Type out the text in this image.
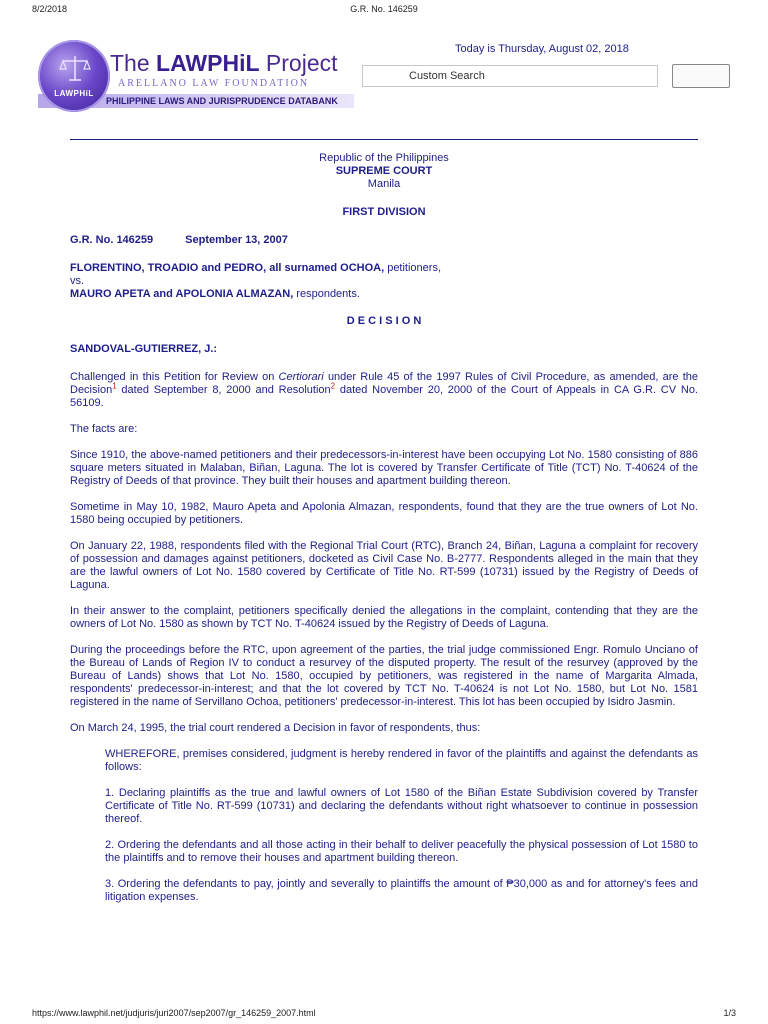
8/2/2018	G.R. No. 146259
LAWPHiL
The LAWPHiL Project
ARELLANO LAW FOUNDATION
PHILIPPINE LAWS AND JURISPRUDENCE DATABANK
Today is Thursday, August 02, 2018
Custom Search
Republic of the Philippines
SUPREME COURT
Manila
FIRST DIVISION
G.R. No. 146259	September 13, 2007
FLORENTINO, TROADIO and PEDRO, all surnamed OCHOA, petitioners,
vs.
MAURO APETA and APOLONIA ALMAZAN, respondents.
D E C I S I O N
SANDOVAL-GUTIERREZ, J.:

Challenged in this Petition for Review on Certiorari under Rule 45 of the 1997 Rules of Civil Procedure, as amended, are the Decision$^1$ dated September 8, 2000 and Resolution$^2$ dated November 20, 2000 of the Court of Appeals in CA G.R. CV No. 56109.

The facts are:

Since 1910, the above-named petitioners and their predecessors-in-interest have been occupying Lot No. 1580 consisting of 886 square meters situated in Malaban, Biñan, Laguna. The lot is covered by Transfer Certificate of Title (TCT) No. T-40624 of the Registry of Deeds of that province. They built their houses and apartment building thereon.

Sometime in May 10, 1982, Mauro Apeta and Apolonia Almazan, respondents, found that they are the true owners of Lot No. 1580 being occupied by petitioners.

On January 22, 1988, respondents filed with the Regional Trial Court (RTC), Branch 24, Biñan, Laguna a complaint for recovery of possession and damages against petitioners, docketed as Civil Case No. B-2777. Respondents alleged in the main that they are the lawful owners of Lot No. 1580 covered by Certificate of Title No. RT-599 (10731) issued by the Registry of Deeds of Laguna.

In their answer to the complaint, petitioners specifically denied the allegations in the complaint, contending that they are the owners of Lot No. 1580 as shown by TCT No. T-40624 issued by the Registry of Deeds of Laguna.

During the proceedings before the RTC, upon agreement of the parties, the trial judge commissioned Engr. Romulo Unciano of the Bureau of Lands of Region IV to conduct a resurvey of the disputed property. The result of the resurvey (approved by the Bureau of Lands) shows that Lot No. 1580, occupied by petitioners, was registered in the name of Margarita Almada, respondents' predecessor-in-interest; and that the lot covered by TCT No. T-40624 is not Lot No. 1580, but Lot No. 1581 registered in the name of Servillano Ochoa, petitioners' predecessor-in-interest. This lot has been occupied by Isidro Jasmin.

On March 24, 1995, the trial court rendered a Decision in favor of respondents, thus:

WHEREFORE, premises considered, judgment is hereby rendered in favor of the plaintiffs and against the defendants as follows:

1. Declaring plaintiffs as the true and lawful owners of Lot 1580 of the Biñan Estate Subdivision covered by Transfer Certificate of Title No. RT-599 (10731) and declaring the defendants without right whatsoever to continue in possession thereof.

2. Ordering the defendants and all those acting in their behalf to deliver peacefully the physical possession of Lot 1580 to the plaintiffs and to remove their houses and apartment building thereon.

3. Ordering the defendants to pay, jointly and severally to plaintiffs the amount of ₱30,000 as and for attorney's fees and litigation expenses.

https://www.lawphil.net/judjuris/juri2007/sep2007/gr_146259_2007.html	1/3
